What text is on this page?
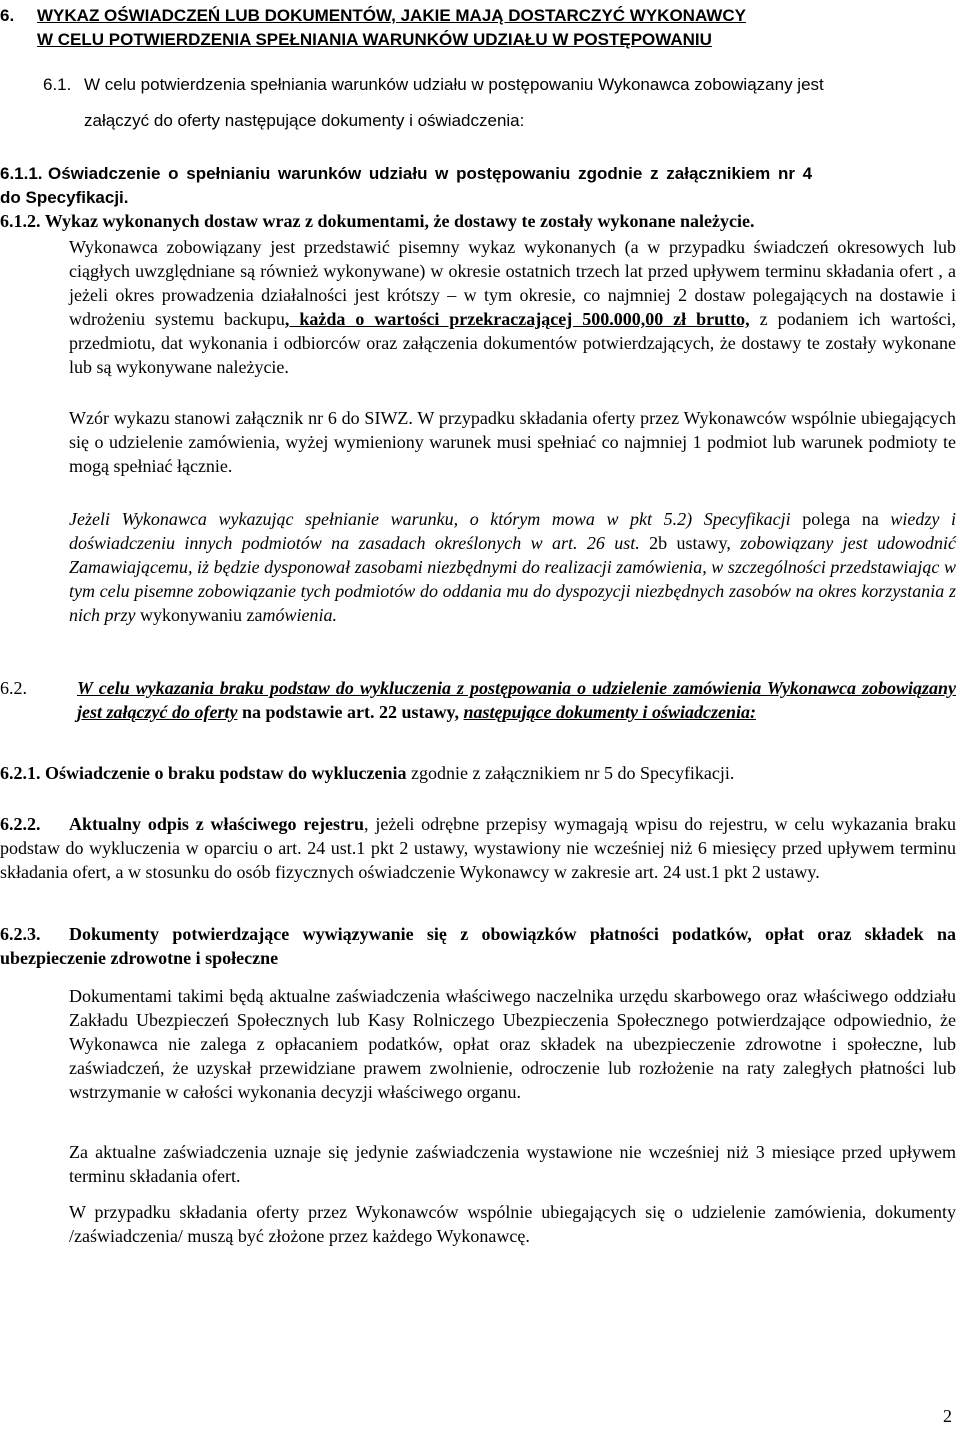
6. WYKAZ OŚWIADCZEŃ LUB DOKUMENTÓW, JAKIE MAJĄ DOSTARCZYĆ WYKONAWCY
W CELU POTWIERDZENIA SPEŁNIANIA WARUNKÓW UDZIAŁU W POSTĘPOWANIU
6.1. W celu potwierdzenia spełniania warunków udziału w postępowaniu Wykonawca zobowiązany jest
załączyć do oferty następujące dokumenty i oświadczenia:
6.1.1. Oświadczenie o spełnianiu warunków udziału w postępowaniu zgodnie z załącznikiem nr 4
do Specyfikacji.
6.1.2. Wykaz wykonanych dostaw wraz z dokumentami, że dostawy te zostały wykonane należycie.
Wykonawca zobowiązany jest przedstawić pisemny wykaz wykonanych (a w przypadku świadczeń okresowych lub ciągłych uwzględniane są również wykonywane) w okresie ostatnich trzech lat przed upływem terminu składania ofert , a jeżeli okres prowadzenia działalności jest krótszy – w tym okresie, co najmniej 2 dostaw polegających na dostawie i wdrożeniu systemu backupu, każda o wartości przekraczającej 500.000,00 zł brutto, z podaniem ich wartości, przedmiotu, dat wykonania i odbiorców oraz załączenia dokumentów potwierdzających, że dostawy te zostały wykonane lub są wykonywane należycie.
Wzór wykazu stanowi załącznik nr 6 do SIWZ. W przypadku składania oferty przez Wykonawców wspólnie ubiegających się o udzielenie zamówienia, wyżej wymieniony warunek musi spełniać co najmniej 1 podmiot lub warunek podmioty te mogą spełniać łącznie.
Jeżeli Wykonawca wykazując spełnianie warunku, o którym mowa w pkt 5.2) Specyfikacji polega na wiedzy i doświadczeniu innych podmiotów na zasadach określonych w art. 26 ust. 2b ustawy, zobowiązany jest udowodnić Zamawiającemu, iż będzie dysponował zasobami niezbędnymi do realizacji zamówienia, w szczególności przedstawiając w tym celu pisemne zobowiązanie tych podmiotów do oddania mu do dyspozycji niezbędnych zasobów na okres korzystania z nich przy wykonywaniu zamówienia.
6.2.	W celu wykazania braku podstaw do wykluczenia z postępowania o udzielenie zamówienia Wykonawca zobowiązany jest załączyć do oferty na podstawie art. 22 ustawy, następujące dokumenty i oświadczenia:
6.2.1. Oświadczenie o braku podstaw do wykluczenia zgodnie z załącznikiem nr 5 do Specyfikacji.
6.2.2.	Aktualny odpis z właściwego rejestru, jeżeli odrębne przepisy wymagają wpisu do rejestru, w celu wykazania braku podstaw do wykluczenia w oparciu o art. 24 ust.1 pkt 2 ustawy, wystawiony nie wcześniej niż 6 miesięcy przed upływem terminu składania ofert, a w stosunku do osób fizycznych oświadczenie Wykonawcy w zakresie art. 24 ust.1 pkt 2 ustawy.
6.2.3.	Dokumenty potwierdzające wywiązywanie się z obowiązków płatności podatków, opłat oraz składek na ubezpieczenie zdrowotne i społeczne
Dokumentami takimi będą aktualne zaświadczenia właściwego naczelnika urzędu skarbowego oraz właściwego oddziału Zakładu Ubezpieczeń Społecznych lub Kasy Rolniczego Ubezpieczenia Społecznego potwierdzające odpowiednio, że Wykonawca nie zalega z opłacaniem podatków, opłat oraz składek na ubezpieczenie zdrowotne i społeczne, lub zaświadczeń, że uzyskał przewidziane prawem zwolnienie, odroczenie lub rozłożenie na raty zaległych płatności lub wstrzymanie w całości wykonania decyzji właściwego organu.
Za aktualne zaświadczenia uznaje się jedynie zaświadczenia wystawione nie wcześniej niż 3 miesiące przed upływem terminu składania ofert.
W przypadku składania oferty przez Wykonawców wspólnie ubiegających się o udzielenie zamówienia, dokumenty /zaświadczenia/ muszą być złożone przez każdego Wykonawcę.
2
